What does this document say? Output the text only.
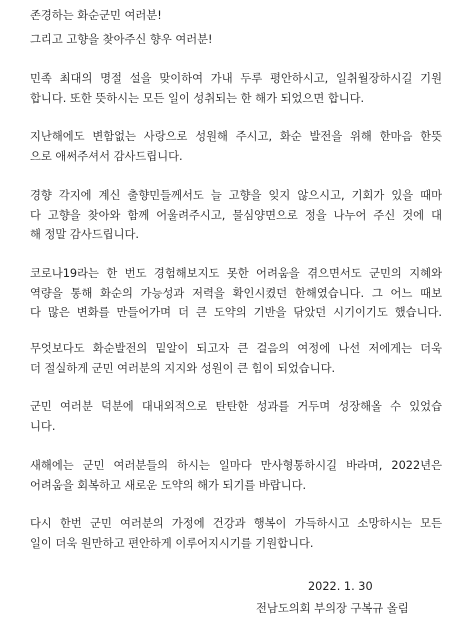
존경하는 화순군민 여러분!
그리고 고향을 찾아주신 향우 여러분!
민족 최대의 명절 설을 맞이하여 가내 두루 평안하시고, 일취월장하시길 기원
합니다. 또한 뜻하시는 모든 일이 성취되는 한 해가 되었으면 합니다.
지난해에도 변함없는 사랑으로 성원해 주시고, 화순 발전을 위해 한마음 한뜻
으로 애써주셔서 감사드립니다.
경향 각지에 계신 출향민들께서도 늘 고향을 잊지 않으시고, 기회가 있을 때마
다 고향을 찾아와 함께 어울려주시고, 물심양면으로 정을 나누어 주신 것에 대
해 정말 감사드립니다.
코로나19라는 한 번도 경험해보지도 못한 어려움을 겪으면서도 군민의 지혜와
역량을 통해 화순의 가능성과 저력을 확인시켰던 한해였습니다. 그 어느 때보
다 많은 변화를 만들어가며 더 큰 도약의 기반을 닦았던 시기이기도 했습니다.
무엇보다도 화순발전의 밑알이 되고자 큰 걸음의 여정에 나선 저에게는 더욱
더 절실하게 군민 여러분의 지지와 성원이 큰 힘이 되었습니다.
군민 여러분 덕분에 대내외적으로 탄탄한 성과를 거두며 성장해올 수 있었습
니다.
새해에는 군민 여러분들의 하시는 일마다 만사형통하시길 바라며, 2022년은
어려움을 회복하고 새로운 도약의 해가 되기를 바랍니다.
다시 한번 군민 여러분의 가정에 건강과 행복이 가득하시고 소망하시는 모든
일이 더욱 원만하고 편안하게 이루어지시기를 기원합니다.
2022. 1. 30
전남도의회 부의장 구복규 올림
